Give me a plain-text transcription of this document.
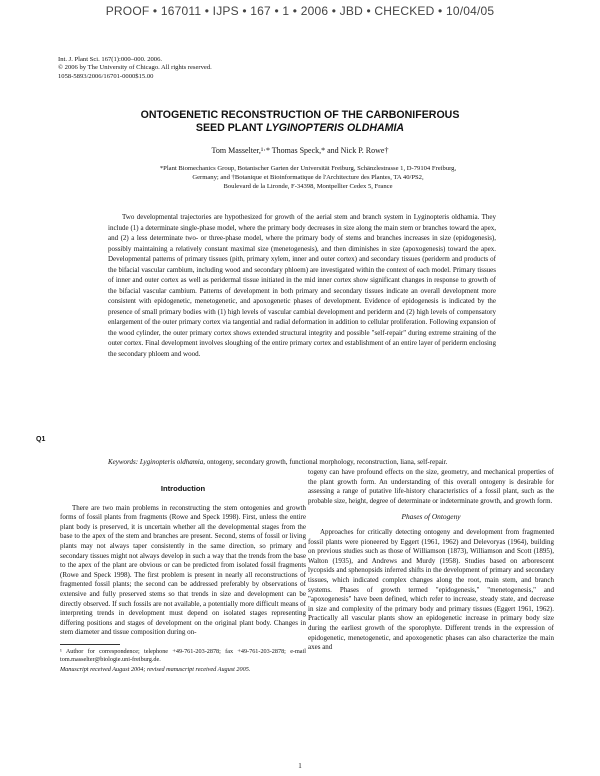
PROOF • 167011 • IJPS • 167 • 1 • 2006 • JBD • CHECKED • 10/04/05
Int. J. Plant Sci. 167(1):000–000. 2006.
© 2006 by The University of Chicago. All rights reserved.
1058-5893/2006/16701-0000$15.00
ONTOGENETIC RECONSTRUCTION OF THE CARBONIFEROUS
SEED PLANT LYGINOPTERIS OLDHAMIA
Tom Masselter,¹·* Thomas Speck,* and Nick P. Rowe†
*Plant Biomechanics Group, Botanischer Garten der Universität Freiburg, Schänzlestrasse 1, D-79104 Freiburg,
Germany; and †Botanique et Bioinformatique de l'Architecture des Plantes, TA 40/PS2,
Boulevard de la Lironde, F-34398, Montpellier Cedex 5, France

Two developmental trajectories are hypothesized for growth of the aerial stem and branch system in Lyginopteris oldhamia. They include (1) a determinate single-phase model, where the primary body decreases in size along the main stem or branches toward the apex, and (2) a less determinate two- or three-phase model, where the primary body of stems and branches increases in size (epidogenesis), possibly maintaining a relatively constant maximal size (menetogenesis), and then diminishes in size (apoxogenesis) toward the apex. Developmental patterns of primary tissues (pith, primary xylem, inner and outer cortex) and secondary tissues (periderm and products of the bifacial vascular cambium, including wood and secondary phloem) are investigated within the context of each model. Primary tissues of inner and outer cortex as well as peridermal tissue initiated in the mid inner cortex show significant changes in response to growth of the bifacial vascular cambium. Patterns of development in both primary and secondary tissues indicate an overall development more consistent with epidogenetic, menetogenetic, and apoxogenetic phases of development. Evidence of epidogenesis is indicated by the presence of small primary bodies with (1) high levels of vascular cambial development and periderm and (2) high levels of compensatory enlargement of the outer primary cortex via tangential and radial deformation in addition to cellular proliferation. Following expansion of the wood cylinder, the outer primary cortex shows extended structural integrity and possible "self-repair" during extreme straining of the outer cortex. Final development involves sloughing of the entire primary cortex and establishment of an entire layer of periderm enclosing the secondary phloem and wood.

Q1
Keywords: Lyginopteris oldhamia, ontogeny, secondary growth, functional morphology, reconstruction, liana, self-repair.
Introduction

There are two main problems in reconstructing the stem ontogenies and growth forms of fossil plants from fragments (Rowe and Speck 1998). First, unless the entire plant body is preserved, it is uncertain whether all the developmental stages from the base to the apex of the stem and branches are present. Second, stems of fossil or living plants may not always taper consistently in the same direction, so primary and secondary tissues might not always develop in such a way that the trends from the base to the apex of the plant are obvious or can be predicted from isolated fossil fragments (Rowe and Speck 1998). The first problem is present in nearly all reconstructions of fragmented fossil plants; the second can be addressed preferably by observations of extensive and fully preserved stems so that trends in size and development can be directly observed. If such fossils are not available, a potentially more difficult means of interpreting trends in development must depend on isolated stages representing differing positions and stages of development on the original plant body. Changes in stem diameter and tissue composition during on-

¹ Author for correspondence; telephone +49-761-203-2878; fax +49-761-203-2878; e-mail tom.masselter@biologie.uni-freiburg.de.

Manuscript received August 2004; revised manuscript received August 2005.

togeny can have profound effects on the size, geometry, and mechanical properties of the plant growth form. An understanding of this overall ontogeny is desirable for assessing a range of putative life-history characteristics of a fossil plant, such as the probable size, height, degree of determinate or indeterminate growth, and growth form.

Phases of Ontogeny

Approaches for critically detecting ontogeny and development from fragmented fossil plants were pioneered by Eggert (1961, 1962) and Delevoryas (1964), building on previous studies such as those of Williamson (1873), Williamson and Scott (1895), Walton (1935), and Andrews and Murdy (1958). Studies based on arborescent lycopsids and sphenopsids inferred shifts in the development of primary and secondary tissues, which indicated complex changes along the root, main stem, and branch systems. Phases of growth termed "epidogenesis," "menetogenesis," and "apoxogenesis" have been defined, which refer to increase, steady state, and decrease in size and complexity of the primary body and primary tissues (Eggert 1961, 1962). Practically all vascular plants show an epidogenetic increase in primary body size during the earliest growth of the sporophyte. Different trends in the expression of epidogenetic, menetogenetic, and apoxogenetic phases can also characterize the main axes and

1
